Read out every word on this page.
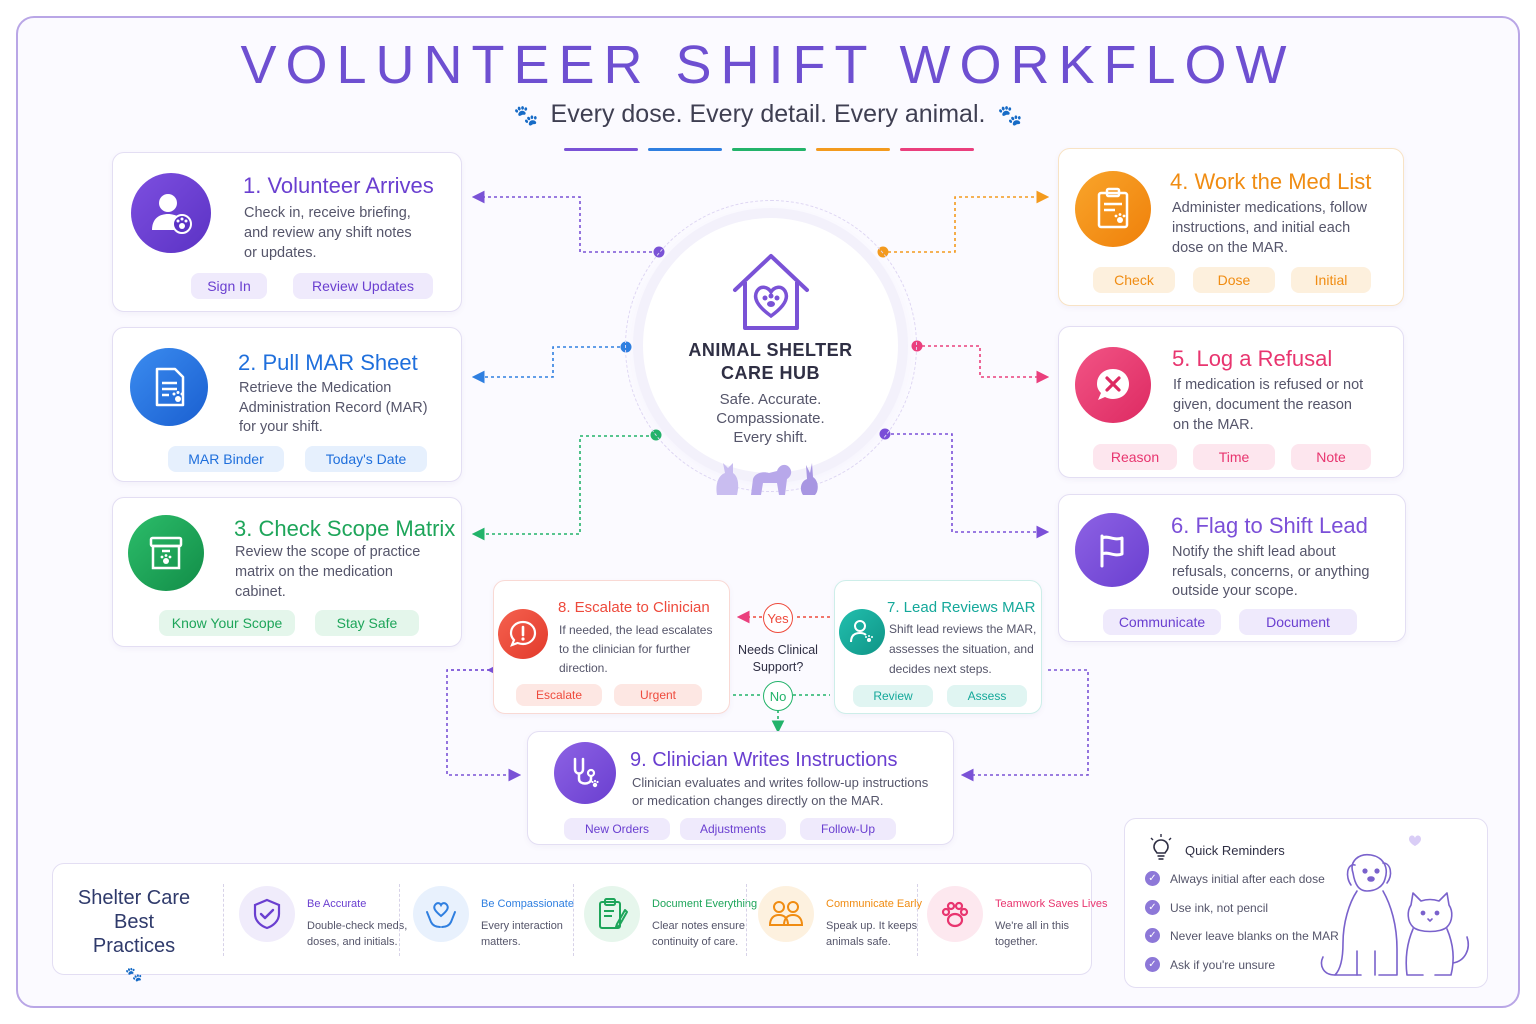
VOLUNTEER SHIFT WORKFLOW
🐾 Every dose. Every detail. Every animal. 🐾
ANIMAL SHELTER
CARE HUB
Safe. Accurate.
Compassionate.
Every shift.
1. Volunteer Arrives

Check in, receive briefing,

and review any shift notes

or updates.

Sign In	Review Updates
2. Pull MAR Sheet

Retrieve the Medication

Administration Record (MAR)

for your shift.

MAR Binder	Today's Date
3. Check Scope Matrix

Review the scope of practice

matrix on the medication

cabinet.

Know Your Scope	Stay Safe
4. Work the Med List

Administer medications, follow

instructions, and initial each

dose on the MAR.

Check	Dose	Initial
5. Log a Refusal

If medication is refused or not

given, document the reason

on the MAR.

Reason	Time	Note
6. Flag to Shift Lead

Notify the shift lead about

refusals, concerns, or anything

outside your scope.

Communicate	Document
7. Lead Reviews MAR

Shift lead reviews the MAR,

assesses the situation, and

decides next steps.

Review	Assess
8. Escalate to Clinician

If needed, the lead escalates

to the clinician for further

direction.

Escalate	Urgent
Yes
Needs Clinical
Support?
No
9. Clinician Writes Instructions

Clinician evaluates and writes follow-up instructions

or medication changes directly on the MAR.

New Orders	Adjustments	Follow-Up
Shelter Care
Best Practices
🐾
Be Accurate
Double-check meds,
doses, and initials.
Be Compassionate
Every interaction
matters.
Document Everything
Clear notes ensure
continuity of care.
Communicate Early
Speak up. It keeps
animals safe.
Teamwork Saves Lives
We're all in this
together.
Quick Reminders
✓ Always initial after each dose
✓ Use ink, not pencil
✓ Never leave blanks on the MAR
✓ Ask if you're unsure
